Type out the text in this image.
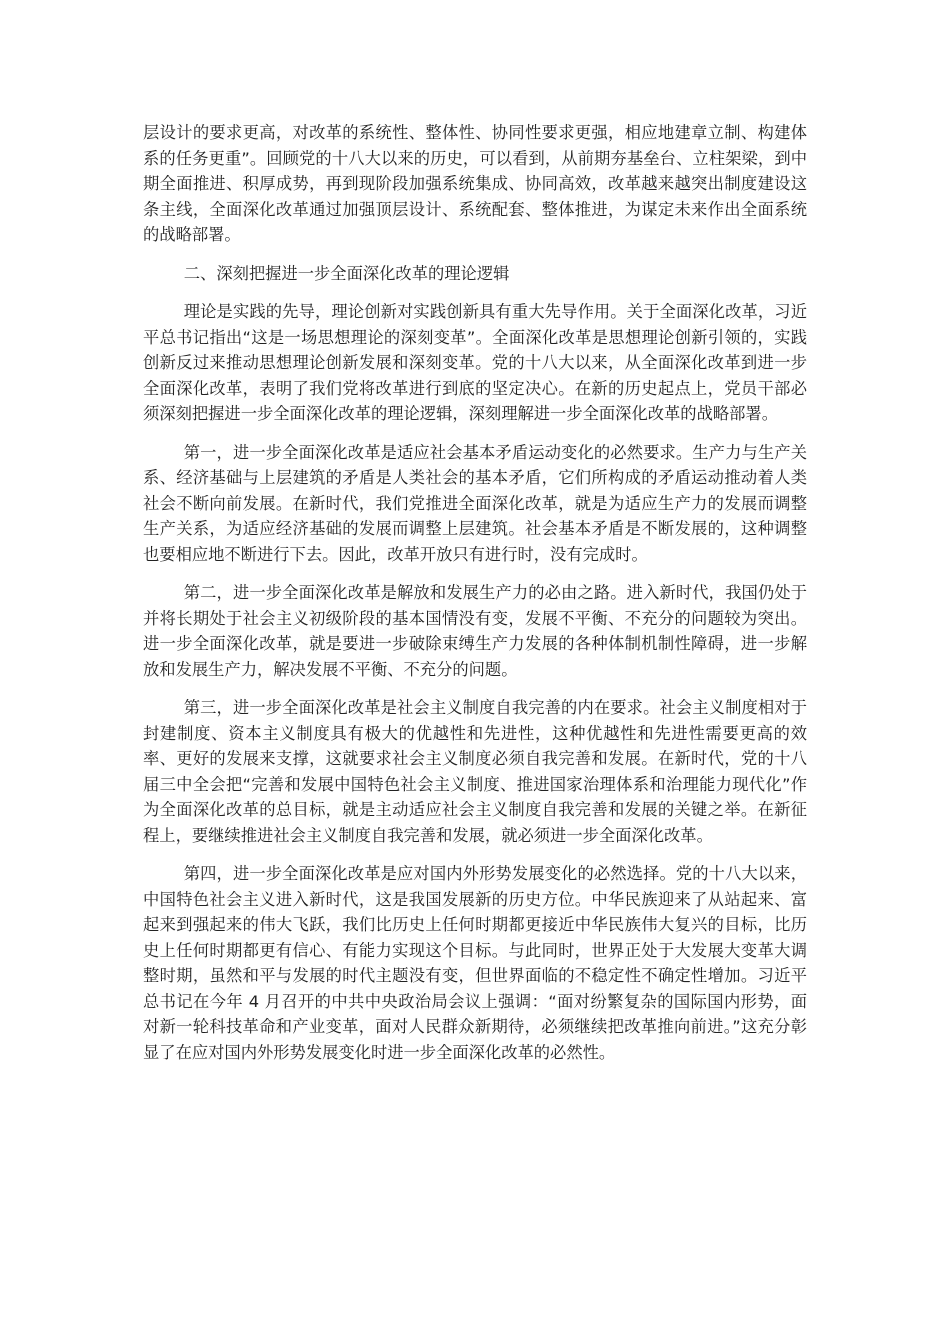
层设计的要求更高，对改革的系统性、整体性、协同性要求更强，相应地建章立制、构建体系的任务更重”。回顾党的十八大以来的历史，可以看到，从前期夯基垒台、立柱架梁，到中期全面推进、积厚成势，再到现阶段加强系统集成、协同高效，改革越来越突出制度建设这条主线，全面深化改革通过加强顶层设计、系统配套、整体推进，为谋定未来作出全面系统的战略部署。

二、深刻把握进一步全面深化改革的理论逻辑

理论是实践的先导，理论创新对实践创新具有重大先导作用。关于全面深化改革，习近平总书记指出“这是一场思想理论的深刻变革”。全面深化改革是思想理论创新引领的，实践创新反过来推动思想理论创新发展和深刻变革。党的十八大以来，从全面深化改革到进一步全面深化改革，表明了我们党将改革进行到底的坚定决心。在新的历史起点上，党员干部必须深刻把握进一步全面深化改革的理论逻辑，深刻理解进一步全面深化改革的战略部署。

第一，进一步全面深化改革是适应社会基本矛盾运动变化的必然要求。生产力与生产关系、经济基础与上层建筑的矛盾是人类社会的基本矛盾，它们所构成的矛盾运动推动着人类社会不断向前发展。在新时代，我们党推进全面深化改革，就是为适应生产力的发展而调整生产关系，为适应经济基础的发展而调整上层建筑。社会基本矛盾是不断发展的，这种调整也要相应地不断进行下去。因此，改革开放只有进行时，没有完成时。

第二，进一步全面深化改革是解放和发展生产力的必由之路。进入新时代，我国仍处于并将长期处于社会主义初级阶段的基本国情没有变，发展不平衡、不充分的问题较为突出。进一步全面深化改革，就是要进一步破除束缚生产力发展的各种体制机制性障碍，进一步解放和发展生产力，解决发展不平衡、不充分的问题。

第三，进一步全面深化改革是社会主义制度自我完善的内在要求。社会主义制度相对于封建制度、资本主义制度具有极大的优越性和先进性，这种优越性和先进性需要更高的效率、更好的发展来支撑，这就要求社会主义制度必须自我完善和发展。在新时代，党的十八届三中全会把“完善和发展中国特色社会主义制度、推进国家治理体系和治理能力现代化”作为全面深化改革的总目标，就是主动适应社会主义制度自我完善和发展的关键之举。在新征程上，要继续推进社会主义制度自我完善和发展，就必须进一步全面深化改革。

第四，进一步全面深化改革是应对国内外形势发展变化的必然选择。党的十八大以来，中国特色社会主义进入新时代，这是我国发展新的历史方位。中华民族迎来了从站起来、富起来到强起来的伟大飞跃，我们比历史上任何时期都更接近中华民族伟大复兴的目标，比历史上任何时期都更有信心、有能力实现这个目标。与此同时，世界正处于大发展大变革大调整时期，虽然和平与发展的时代主题没有变，但世界面临的不稳定性不确定性增加。习近平总书记在今年 4 月召开的中共中央政治局会议上强调：“面对纷繁复杂的国际国内形势，面对新一轮科技革命和产业变革，面对人民群众新期待，必须继续把改革推向前进。”这充分彰显了在应对国内外形势发展变化时进一步全面深化改革的必然性。
